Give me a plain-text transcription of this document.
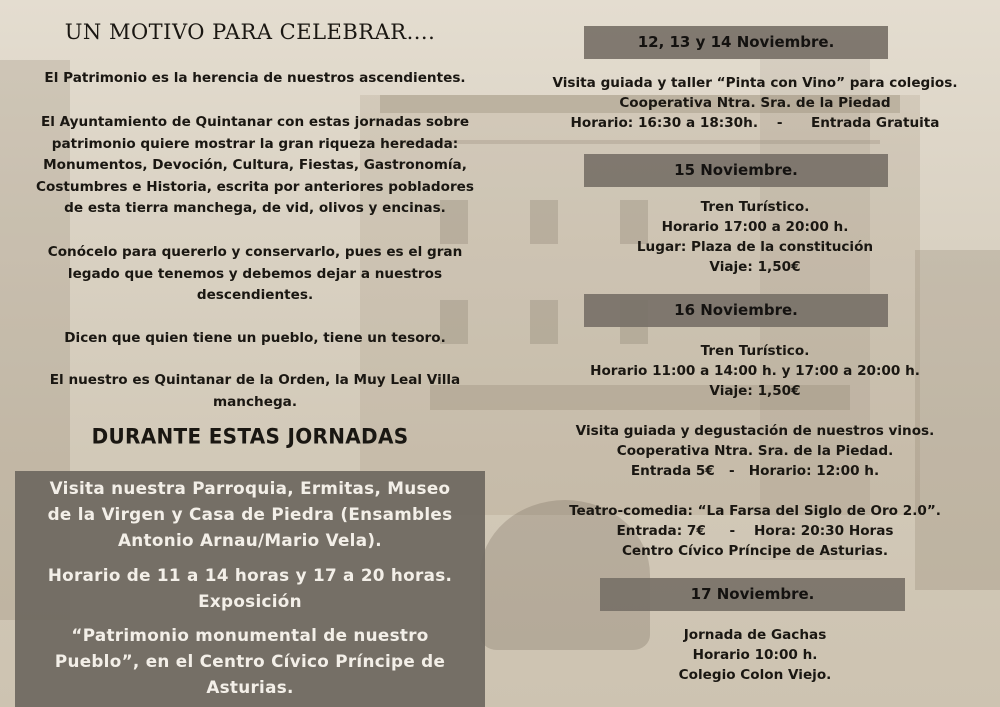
UN MOTIVO PARA CELEBRAR....

El Patrimonio es la herencia de nuestros ascendientes.

El Ayuntamiento de Quintanar con estas jornadas sobre
patrimonio quiere mostrar la gran riqueza heredada:
Monumentos, Devoción, Cultura, Fiestas, Gastronomía,
Costumbres e Historia, escrita por anteriores pobladores
de esta tierra manchega, de vid, olivos y encinas.

Conócelo para quererlo y conservarlo, pues es el gran
legado que tenemos y debemos dejar a nuestros
descendientes.

Dicen que quien tiene un pueblo, tiene un tesoro.

El nuestro es Quintanar de la Orden, la Muy Leal Villa
manchega.

DURANTE ESTAS JORNADAS

Visita nuestra Parroquia, Ermitas, Museo
de la Virgen y Casa de Piedra (Ensambles
Antonio Arnau/Mario Vela).

Horario de 11 a 14 horas y 17 a 20 horas.
Exposición

“Patrimonio monumental de nuestro
Pueblo”, en el Centro Cívico Príncipe de
Asturias.

12, 13 y 14 Noviembre.

Visita guiada y taller “Pinta con Vino” para colegios.
Cooperativa Ntra. Sra. de la Piedad
Horario: 16:30 a 18:30h.    -      Entrada Gratuita

15 Noviembre.

Tren Turístico.
Horario 17:00 a 20:00 h.
Lugar: Plaza de la constitución
Viaje: 1,50€

16 Noviembre.

Tren Turístico.
Horario 11:00 a 14:00 h. y 17:00 a 20:00 h.
Viaje: 1,50€

Visita guiada y degustación de nuestros vinos.
Cooperativa Ntra. Sra. de la Piedad.
Entrada 5€   -   Horario: 12:00 h.

Teatro-comedia: “La Farsa del Siglo de Oro 2.0”.
Entrada: 7€     -    Hora: 20:30 Horas
Centro Cívico Príncipe de Asturias.

17 Noviembre.

Jornada de Gachas
Horario 10:00 h.
Colegio Colon Viejo.
